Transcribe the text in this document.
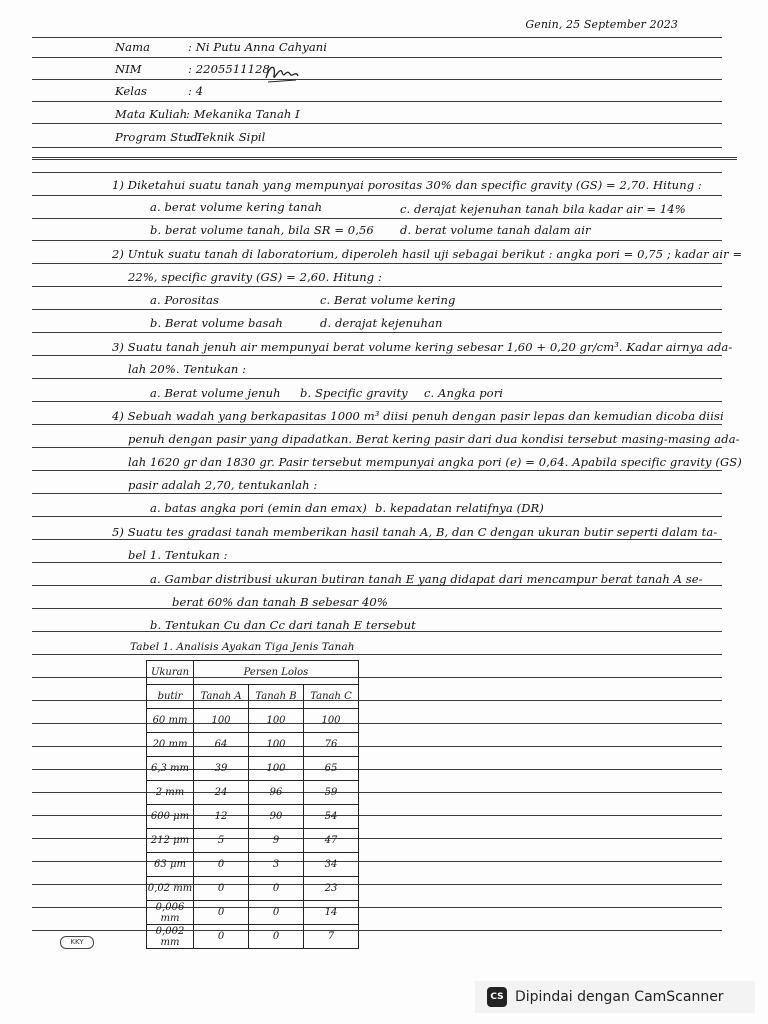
Genin, 25 September 2023
Nama	: Ni Putu Anna Cahyani
NIM	: 2205511128
Kelas	: 4
Mata Kuliah
: Mekanika Tanah I
Program Studi
: Teknik Sipil
1) Diketahui suatu tanah yang mempunyai porositas 30% dan specific gravity (GS) = 2,70. Hitung :
a. berat volume kering tanah	c. derajat kejenuhan tanah bila kadar air = 14%
b. berat volume tanah, bila SR = 0,56 d. berat volume tanah dalam air
2) Untuk suatu tanah di laboratorium, diperoleh hasil uji sebagai berikut : angka pori = 0,75 ; kadar air =
22%, specific gravity (GS) = 2,60. Hitung :
a. Porositas	c. Berat volume kering
b. Berat volume basah	d. derajat kejenuhan
3) Suatu tanah jenuh air mempunyai berat volume kering sebesar 1,60 + 0,20 gr/cm³. Kadar airnya ada-
lah 20%. Tentukan :
a. Berat volume jenuh b. Specific gravity c. Angka pori
4) Sebuah wadah yang berkapasitas 1000 m³ diisi penuh dengan pasir lepas dan kemudian dicoba diisi
penuh dengan pasir yang dipadatkan. Berat kering pasir dari dua kondisi tersebut masing-masing ada-
lah 1620 gr dan 1830 gr. Pasir tersebut mempunyai angka pori (e) = 0,64. Apabila specific gravity (GS)
pasir adalah 2,70, tentukanlah :
a. batas angka pori (emin dan emax) b. kepadatan relatifnya (DR)
5) Suatu tes gradasi tanah memberikan hasil tanah A, B, dan C dengan ukuran butir seperti dalam ta-
bel 1. Tentukan :
a. Gambar distribusi ukuran butiran tanah E yang didapat dari mencampur berat tanah A se-
berat 60% dan tanah B sebesar 40%
b. Tentukan Cu dan Cc dari tanah E tersebut
Tabel 1. Analisis Ayakan Tiga Jenis Tanah
Ukuran	Persen Lolos		
butir	Tanah A	Tanah B	Tanah C
60 mm	100	100	100
20 mm	64	100	76
6,3 mm	39	100	65
2 mm	24	96	59
600 μm	12	90	54
212 μm	5	9	47
63 μm	0	3	34
0,02 mm	0	0	23
0,006 mm	0	0	14
0,002 mm	0	0	7
KKY
CS Dipindai dengan CamScanner
